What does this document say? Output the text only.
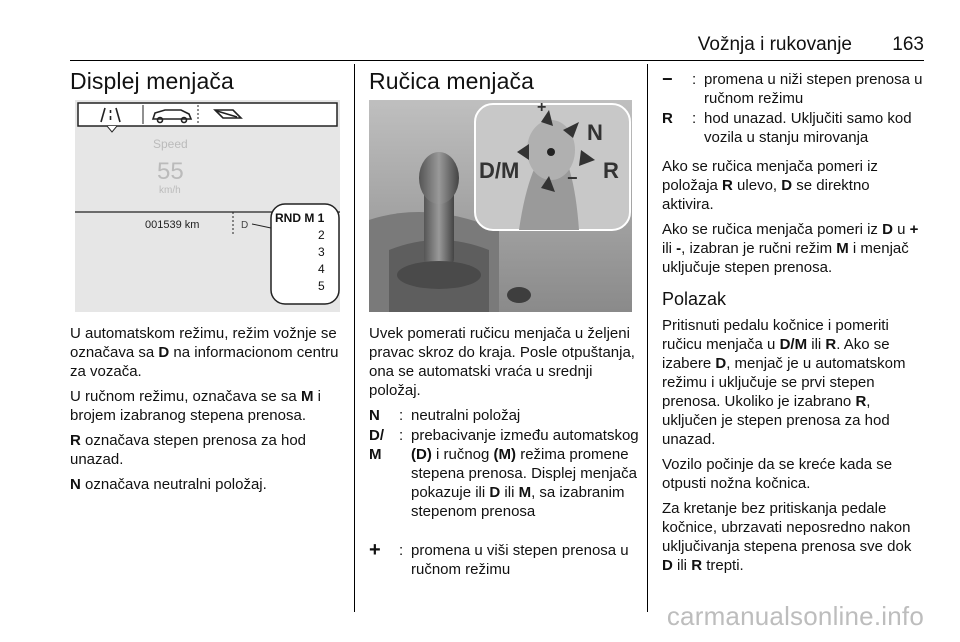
Vožnja i rukovanje 163
Displej menjača
Speed
55
km/h
001539 km	D
RND M 1
2
3
4
5

U automatskom režimu, režim vožnje se označava sa D na informacionom centru za vozača.

U ručnom režimu, označava se sa M i brojem izabranog stepena prenosa.

R označava stepen prenosa za hod unazad.

N označava neutralni položaj.

Ručica menjača
+
−
D/M
N
R

Uvek pomerati ručicu menjača u željeni pravac skroz do kraja. Posle otpuštanja, ona se automatski vraća u srednji položaj.

N	: neutralni položaj
D/
M
: prebacivanje između automatskog (D) i ručnog (M) režima promene stepena prenosa. Displej menjača pokazuje ili D ili M, sa izabranim stepenom prenosa
+	: promena u viši stepen prenosa u ručnom režimu
−	: promena u niži stepen prenosa u ručnom režimu
R	: hod unazad. Uključiti samo kod vozila u stanju mirovanja

Ako se ručica menjača pomeri iz položaja R ulevo, D se direktno aktivira.

Ako se ručica menjača pomeri iz D u + ili -, izabran je ručni režim M i menjač uključuje stepen prenosa.

Polazak

Pritisnuti pedalu kočnice i pomeriti ručicu menjača u D/M ili R. Ako se izabere D, menjač je u automatskom režimu i uključuje se prvi stepen prenosa. Ukoliko je izabrano R, uključen je stepen prenosa za hod unazad.

Vozilo počinje da se kreće kada se otpusti nožna kočnica.

Za kretanje bez pritiskanja pedale kočnice, ubrzavati neposredno nakon uključivanja stepena prenosa sve dok D ili R trepti.

carmanualsonline.info
